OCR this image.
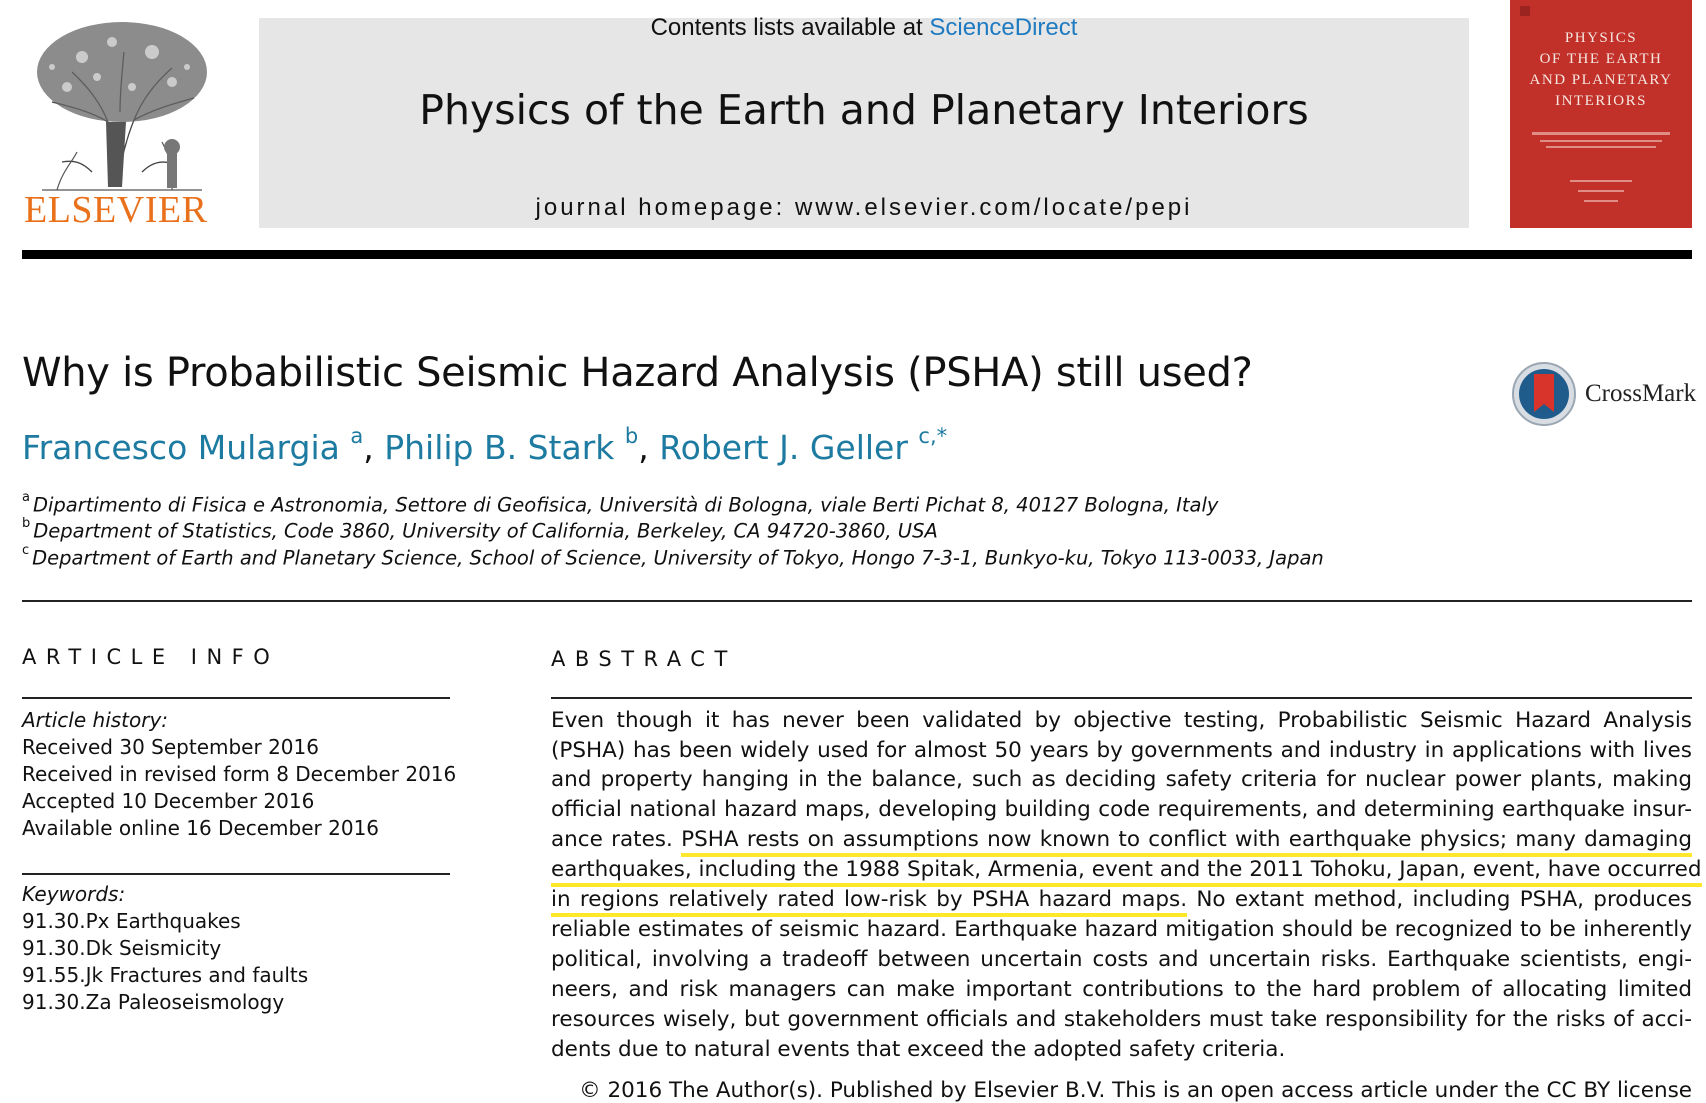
ELSEVIER
Contents lists available at ScienceDirect
Physics of the Earth and Planetary Interiors
journal homepage: www.elsevier.com/locate/pepi
PHYSICS
OF THE EARTH
AND PLANETARY
INTERIORS
Why is Probabilistic Seismic Hazard Analysis (PSHA) still used?	CrossMark
Francesco Mulargia $^a$, Philip B. Stark $^b$, Robert J. Geller $^{c,*}$
$^a$ Dipartimento di Fisica e Astronomia, Settore di Geofisica, Università di Bologna, viale Berti Pichat 8, 40127 Bologna, Italy
$^b$ Department of Statistics, Code 3860, University of California, Berkeley, CA 94720-3860, USA
$^c$ Department of Earth and Planetary Science, School of Science, University of Tokyo, Hongo 7-3-1, Bunkyo-ku, Tokyo 113-0033, Japan
ARTICLE INFO
Article history:
Received 30 September 2016
Received in revised form 8 December 2016
Accepted 10 December 2016
Available online 16 December 2016
Keywords:
91.30.Px Earthquakes
91.30.Dk Seismicity
91.55.Jk Fractures and faults
91.30.Za Paleoseismology
ABSTRACT
Even though it has never been validated by objective testing, Probabilistic Seismic Hazard Analysis
(PSHA) has been widely used for almost 50 years by governments and industry in applications with lives
and property hanging in the balance, such as deciding safety criteria for nuclear power plants, making
official national hazard maps, developing building code requirements, and determining earthquake insur-
ance rates. PSHA rests on assumptions now known to conflict with earthquake physics; many damaging
earthquakes, including the 1988 Spitak, Armenia, event and the 2011 Tohoku, Japan, event, have occurred
in regions relatively rated low-risk by PSHA hazard maps. No extant method, including PSHA, produces
reliable estimates of seismic hazard. Earthquake hazard mitigation should be recognized to be inherently
political, involving a tradeoff between uncertain costs and uncertain risks. Earthquake scientists, engi-
neers, and risk managers can make important contributions to the hard problem of allocating limited
resources wisely, but government officials and stakeholders must take responsibility for the risks of acci-
dents due to natural events that exceed the adopted safety criteria.
© 2016 The Author(s). Published by Elsevier B.V. This is an open access article under the CC BY license
